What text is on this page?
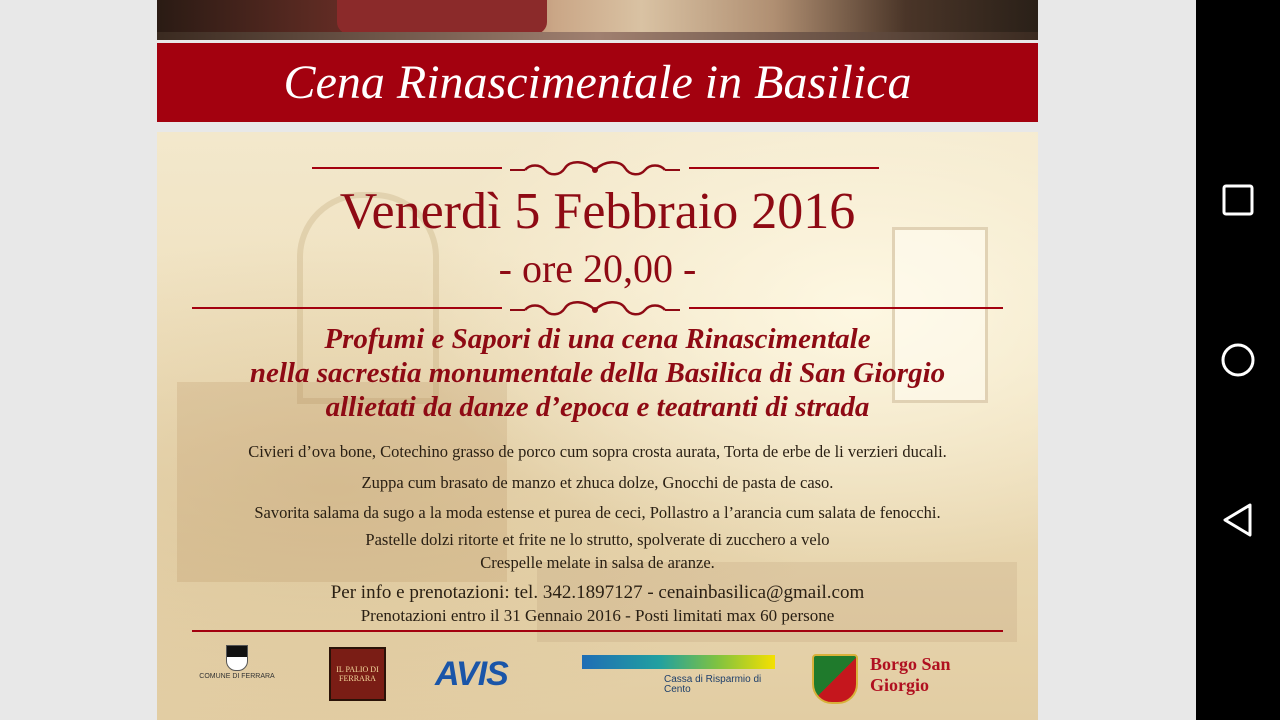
Cena Rinascimentale in Basilica
Venerdì 5 Febbraio 2016
- ore 20,00 -
Profumi e Sapori di una cena Rinascimentale
nella sacrestia monumentale della Basilica di San Giorgio
allietati da danze d’epoca e teatranti di strada
Civieri d’ova bone, Cotechino grasso de porco cum sopra crosta aurata, Torta de erbe de li verzieri ducali.
Zuppa cum brasato de manzo et zhuca dolze, Gnocchi de pasta de caso.
Savorita salama da sugo a la moda estense et purea de ceci, Pollastro a l’arancia cum salata de fenocchi.
Pastelle dolzi ritorte et frite ne lo strutto, spolverate di zucchero a velo
Crespelle melate in salsa de aranze.
Per info e prenotazioni: tel. 342.1897127 - cenainbasilica@gmail.com
Prenotazioni entro il 31 Gennaio 2016 - Posti limitati max 60 persone
COMUNE DI FERRARA
IL PALIO DI FERRARA AVIS	Cassa di Risparmio di Cento
Borgo San Giorgio
